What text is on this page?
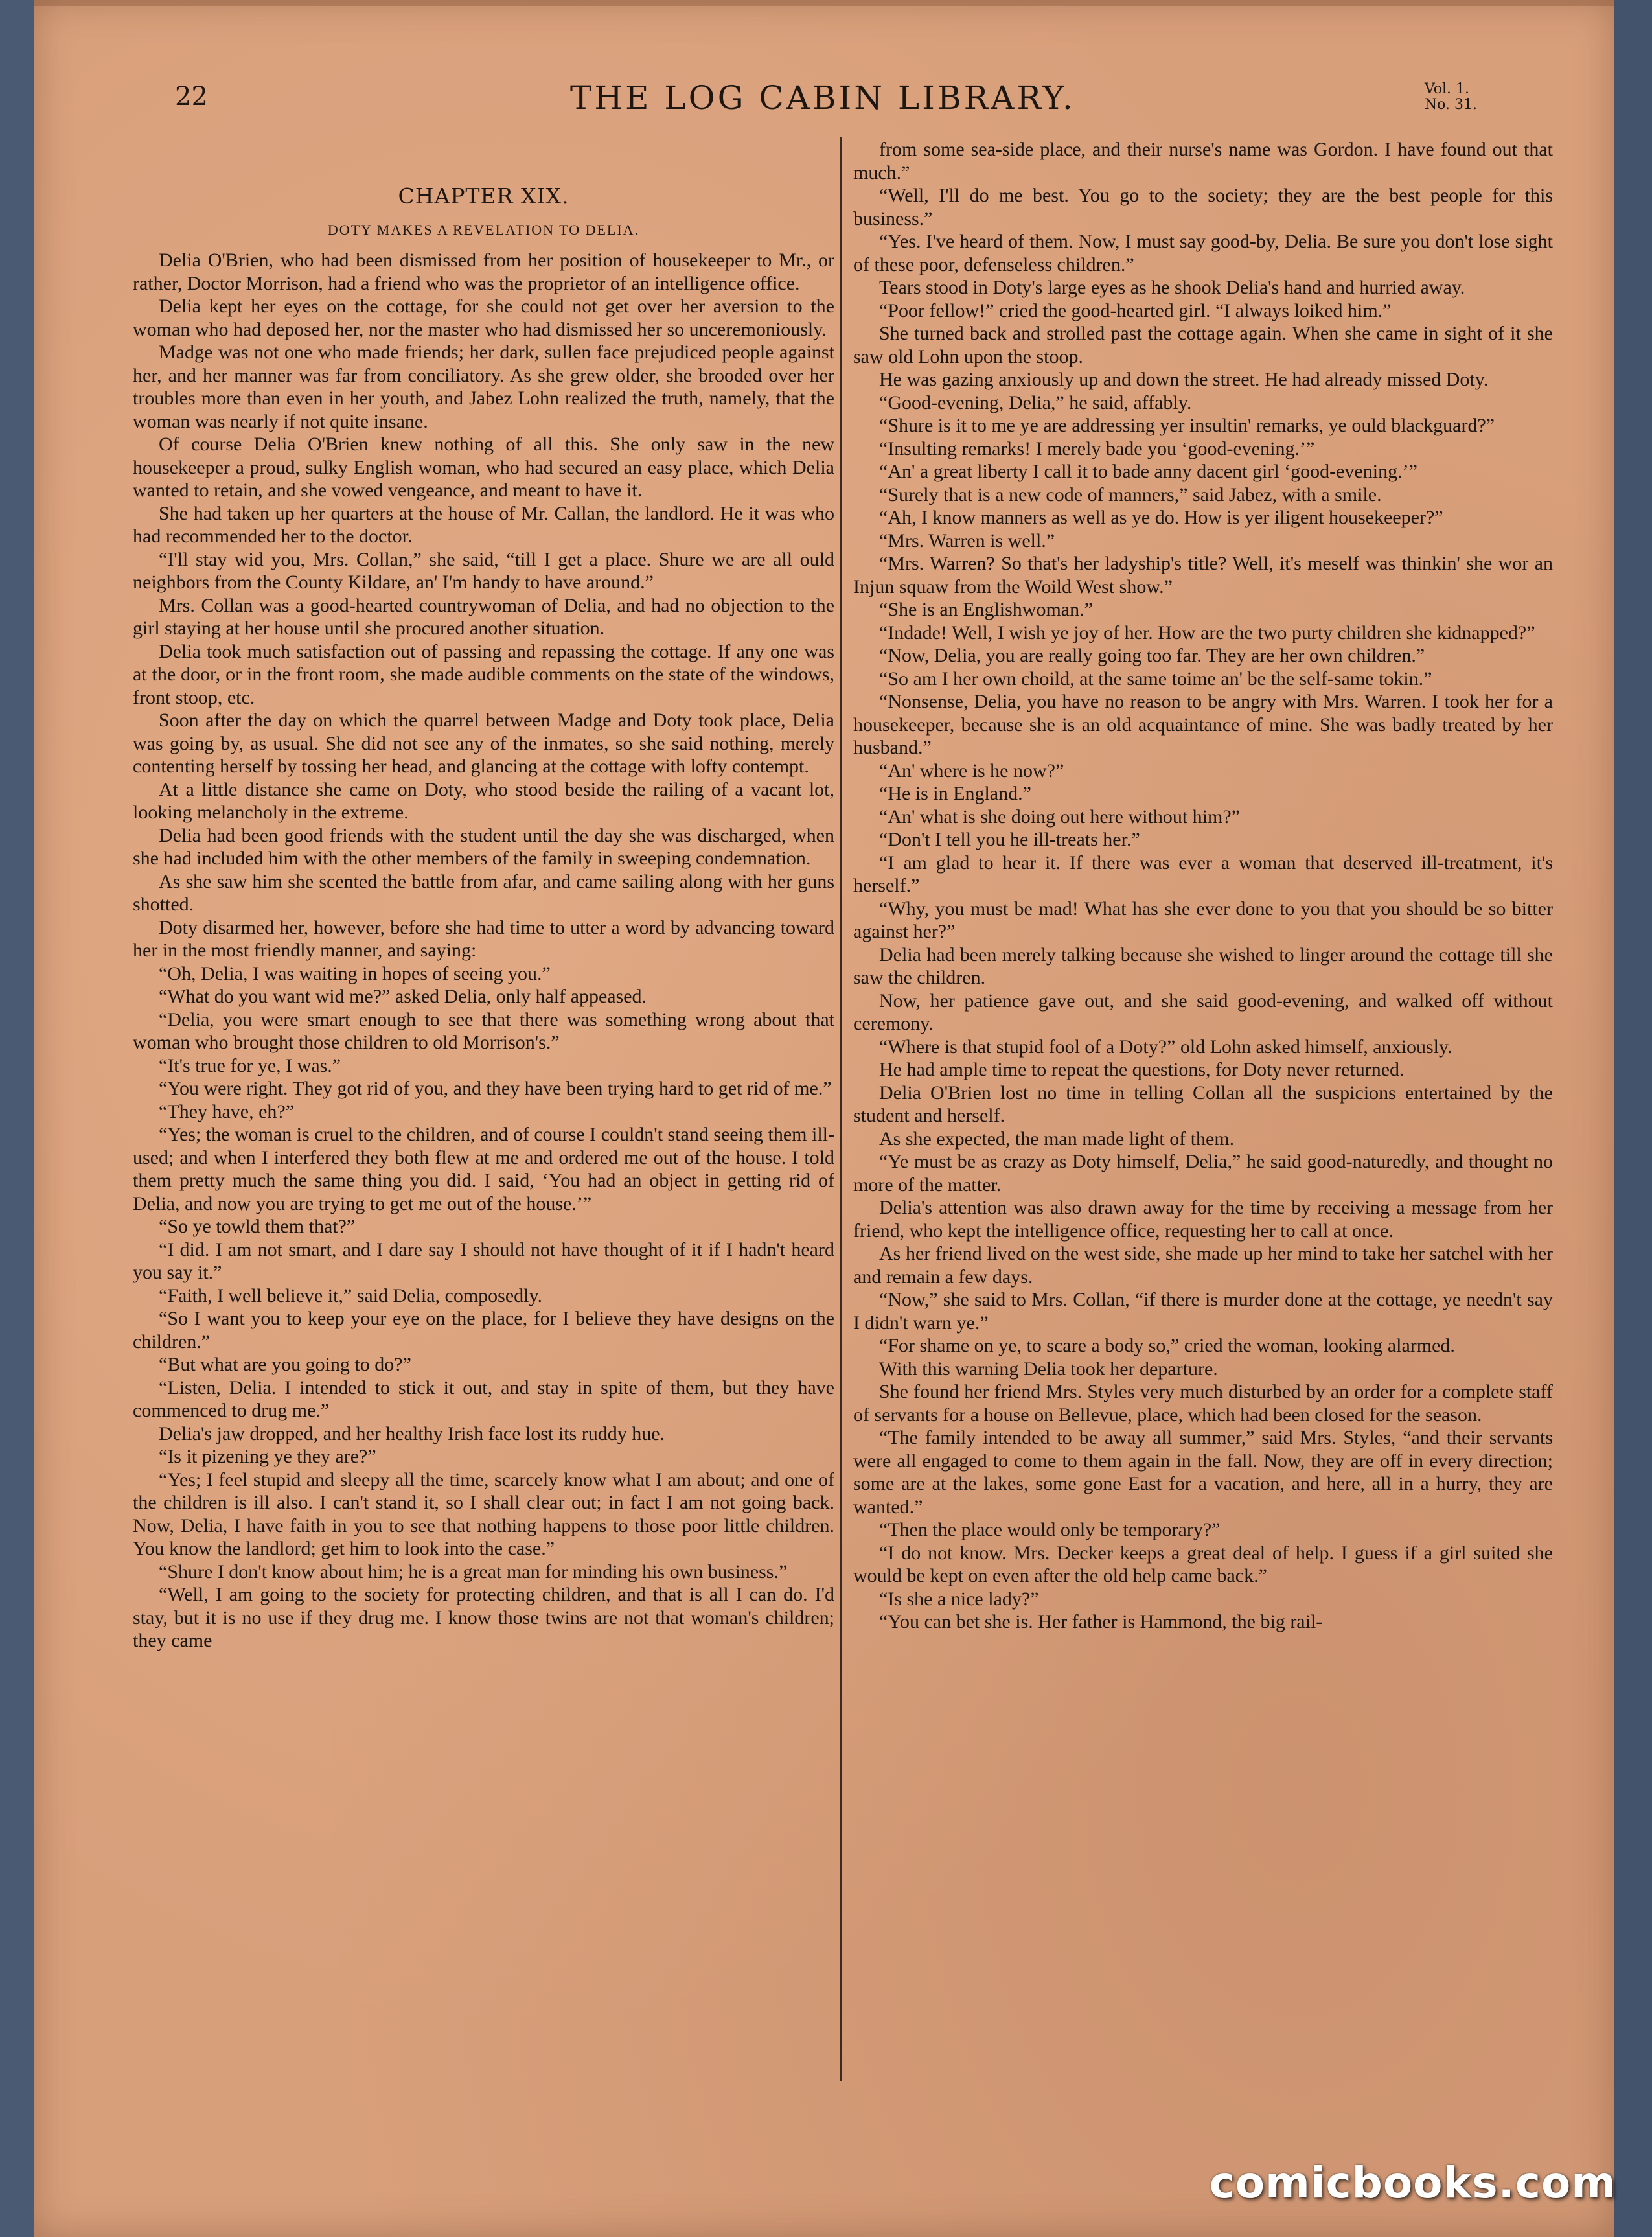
22	THE LOG CABIN LIBRARY.	Vol. 1.
No. 31.
CHAPTER XIX.
DOTY MAKES A REVELATION TO DELIA.

Delia O'Brien, who had been dismissed from her position of housekeeper to Mr., or rather, Doctor Morrison, had a friend who was the proprietor of an intelligence office.

Delia kept her eyes on the cottage, for she could not get over her aversion to the woman who had deposed her, nor the master who had dismissed her so unceremoniously.

Madge was not one who made friends; her dark, sullen face prejudiced people against her, and her manner was far from conciliatory. As she grew older, she brooded over her troubles more than even in her youth, and Jabez Lohn realized the truth, namely, that the woman was nearly if not quite insane.

Of course Delia O'Brien knew nothing of all this. She only saw in the new housekeeper a proud, sulky English woman, who had secured an easy place, which Delia wanted to retain, and she vowed vengeance, and meant to have it.

She had taken up her quarters at the house of Mr. Callan, the landlord. He it was who had recommended her to the doctor.

“I'll stay wid you, Mrs. Collan,” she said, “till I get a place. Shure we are all ould neighbors from the County Kildare, an' I'm handy to have around.”

Mrs. Collan was a good-hearted countrywoman of Delia, and had no objection to the girl staying at her house until she procured another situation.

Delia took much satisfaction out of passing and repassing the cottage. If any one was at the door, or in the front room, she made audible comments on the state of the windows, front stoop, etc.

Soon after the day on which the quarrel between Madge and Doty took place, Delia was going by, as usual. She did not see any of the inmates, so she said nothing, merely contenting herself by tossing her head, and glancing at the cottage with lofty contempt.

At a little distance she came on Doty, who stood beside the railing of a vacant lot, looking melancholy in the extreme.

Delia had been good friends with the student until the day she was discharged, when she had included him with the other members of the family in sweeping condemnation.

As she saw him she scented the battle from afar, and came sailing along with her guns shotted.

Doty disarmed her, however, before she had time to utter a word by advancing toward her in the most friendly manner, and saying:

“Oh, Delia, I was waiting in hopes of seeing you.”

“What do you want wid me?” asked Delia, only half appeased.

“Delia, you were smart enough to see that there was something wrong about that woman who brought those children to old Morrison's.”

“It's true for ye, I was.”

“You were right. They got rid of you, and they have been trying hard to get rid of me.”

“They have, eh?”

“Yes; the woman is cruel to the children, and of course I couldn't stand seeing them ill-used; and when I interfered they both flew at me and ordered me out of the house. I told them pretty much the same thing you did. I said, ‘You had an object in getting rid of Delia, and now you are trying to get me out of the house.’”

“So ye towld them that?”

“I did. I am not smart, and I dare say I should not have thought of it if I hadn't heard you say it.”

“Faith, I well believe it,” said Delia, composedly.

“So I want you to keep your eye on the place, for I believe they have designs on the children.”

“But what are you going to do?”

“Listen, Delia. I intended to stick it out, and stay in spite of them, but they have commenced to drug me.”

Delia's jaw dropped, and her healthy Irish face lost its ruddy hue.

“Is it pizening ye they are?”

“Yes; I feel stupid and sleepy all the time, scarcely know what I am about; and one of the children is ill also. I can't stand it, so I shall clear out; in fact I am not going back. Now, Delia, I have faith in you to see that nothing happens to those poor little children. You know the landlord; get him to look into the case.”

“Shure I don't know about him; he is a great man for minding his own business.”

“Well, I am going to the society for protecting children, and that is all I can do. I'd stay, but it is no use if they drug me. I know those twins are not that woman's children; they came

from some sea-side place, and their nurse's name was Gordon. I have found out that much.”

“Well, I'll do me best. You go to the society; they are the best people for this business.”

“Yes. I've heard of them. Now, I must say good-by, Delia. Be sure you don't lose sight of these poor, defenseless children.”

Tears stood in Doty's large eyes as he shook Delia's hand and hurried away.

“Poor fellow!” cried the good-hearted girl. “I always loiked him.”

She turned back and strolled past the cottage again. When she came in sight of it she saw old Lohn upon the stoop.

He was gazing anxiously up and down the street. He had already missed Doty.

“Good-evening, Delia,” he said, affably.

“Shure is it to me ye are addressing yer insultin' remarks, ye ould blackguard?”

“Insulting remarks! I merely bade you ‘good-evening.’”

“An' a great liberty I call it to bade anny dacent girl ‘good-evening.’”

“Surely that is a new code of manners,” said Jabez, with a smile.

“Ah, I know manners as well as ye do. How is yer iligent housekeeper?”

“Mrs. Warren is well.”

“Mrs. Warren? So that's her ladyship's title? Well, it's meself was thinkin' she wor an Injun squaw from the Woild West show.”

“She is an Englishwoman.”

“Indade! Well, I wish ye joy of her. How are the two purty children she kidnapped?”

“Now, Delia, you are really going too far. They are her own children.”

“So am I her own choild, at the same toime an' be the self-same tokin.”

“Nonsense, Delia, you have no reason to be angry with Mrs. Warren. I took her for a housekeeper, because she is an old acquaintance of mine. She was badly treated by her husband.”

“An' where is he now?”

“He is in England.”

“An' what is she doing out here without him?”

“Don't I tell you he ill-treats her.”

“I am glad to hear it. If there was ever a woman that deserved ill-treatment, it's herself.”

“Why, you must be mad! What has she ever done to you that you should be so bitter against her?”

Delia had been merely talking because she wished to linger around the cottage till she saw the children.

Now, her patience gave out, and she said good-evening, and walked off without ceremony.

“Where is that stupid fool of a Doty?” old Lohn asked himself, anxiously.

He had ample time to repeat the questions, for Doty never returned.

Delia O'Brien lost no time in telling Collan all the suspicions entertained by the student and herself.

As she expected, the man made light of them.

“Ye must be as crazy as Doty himself, Delia,” he said good-naturedly, and thought no more of the matter.

Delia's attention was also drawn away for the time by receiving a message from her friend, who kept the intelligence office, requesting her to call at once.

As her friend lived on the west side, she made up her mind to take her satchel with her and remain a few days.

“Now,” she said to Mrs. Collan, “if there is murder done at the cottage, ye needn't say I didn't warn ye.”

“For shame on ye, to scare a body so,” cried the woman, looking alarmed.

With this warning Delia took her departure.

She found her friend Mrs. Styles very much disturbed by an order for a complete staff of servants for a house on Bellevue, place, which had been closed for the season.

“The family intended to be away all summer,” said Mrs. Styles, “and their servants were all engaged to come to them again in the fall. Now, they are off in every direction; some are at the lakes, some gone East for a vacation, and here, all in a hurry, they are wanted.”

“Then the place would only be temporary?”

“I do not know. Mrs. Decker keeps a great deal of help. I guess if a girl suited she would be kept on even after the old help came back.”

“Is she a nice lady?”

“You can bet she is. Her father is Hammond, the big rail-

comicbooks.com
